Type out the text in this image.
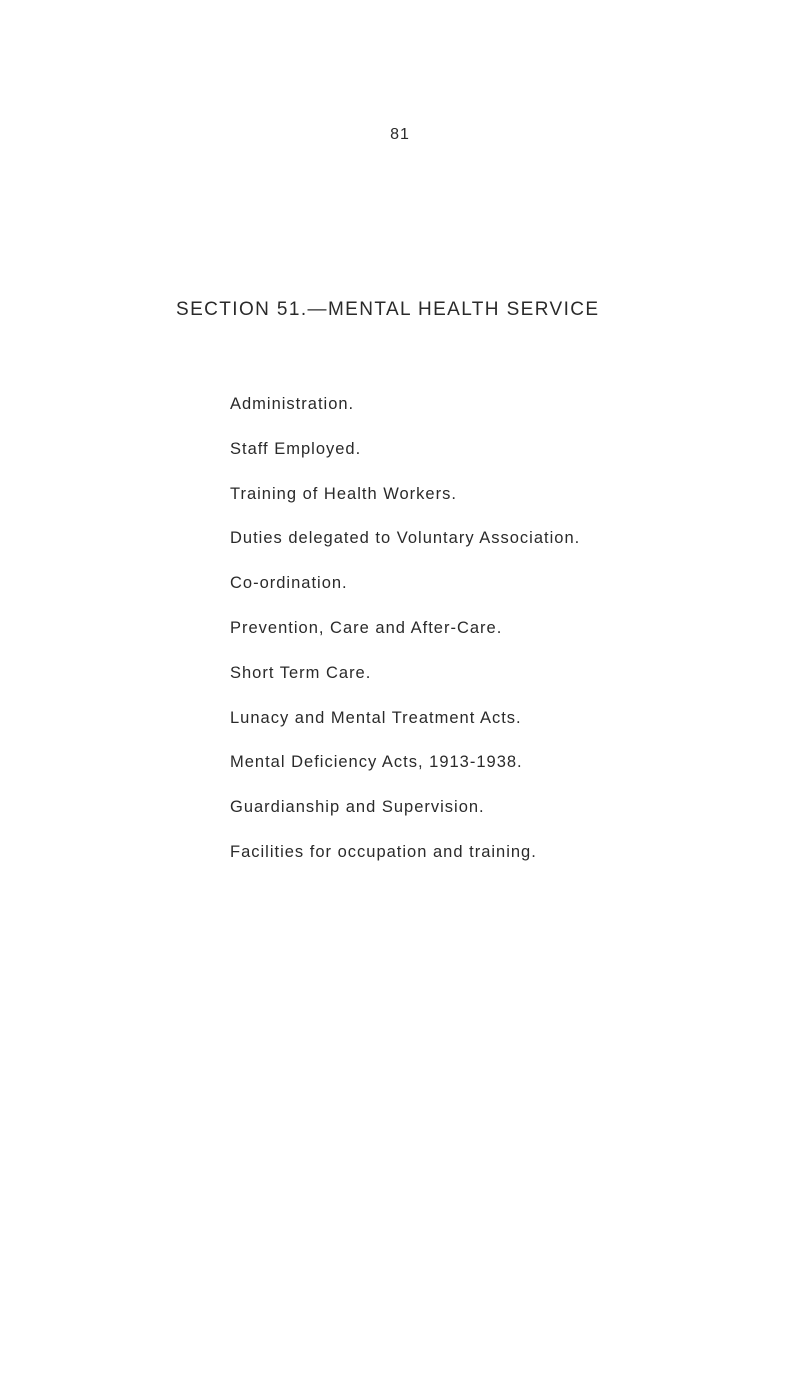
81
SECTION 51.—MENTAL HEALTH SERVICE
Administration.
Staff Employed.
Training of Health Workers.
Duties delegated to Voluntary Association.
Co-ordination.
Prevention, Care and After-Care.
Short Term Care.
Lunacy and Mental Treatment Acts.
Mental Deficiency Acts, 1913-1938.
Guardianship and Supervision.
Facilities for occupation and training.
